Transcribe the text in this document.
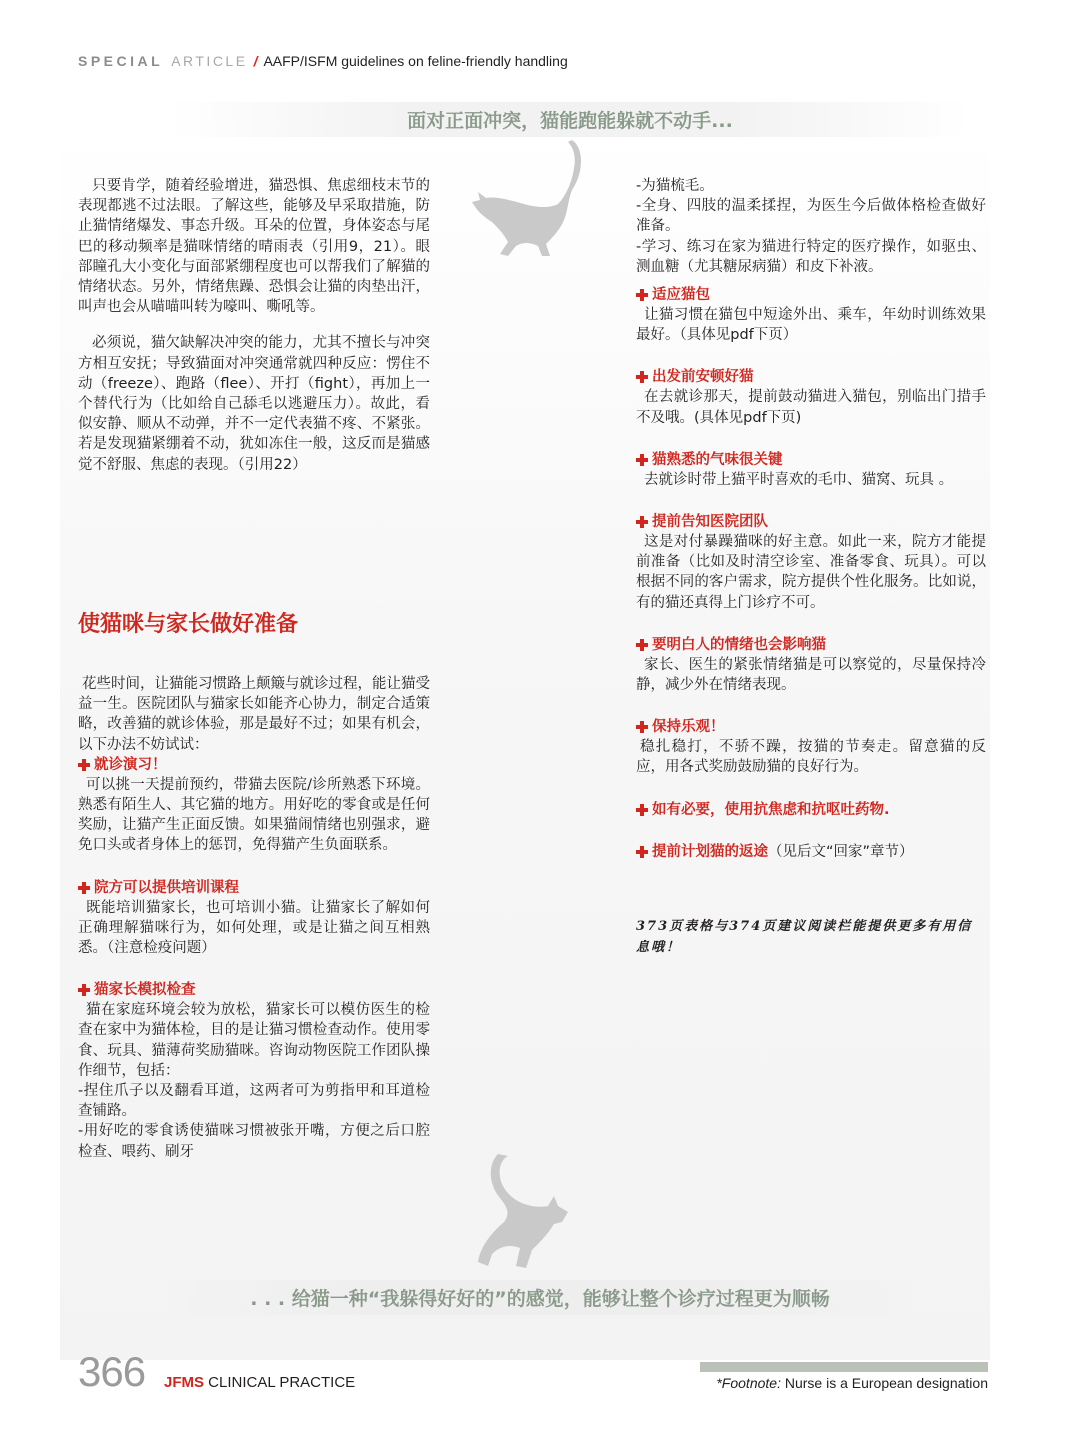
SPECIAL ARTICLE / AAFP/ISFM guidelines on feline-friendly handling
面对正面冲突，猫能跑能躲就不动手...

只要肯学，随着经验增进，猫恐惧、焦虑细枝末节的表现都逃不过法眼。了解这些，能够及早采取措施，防止猫情绪爆发、事态升级。耳朵的位置，身体姿态与尾巴的移动频率是猫咪情绪的晴雨表（引用9，21）。眼部瞳孔大小变化与面部紧绷程度也可以帮我们了解猫的情绪状态。另外，情绪焦躁、恐惧会让猫的肉垫出汗，叫声也会从喵喵叫转为嚎叫、嘶吼等。

必须说，猫欠缺解决冲突的能力，尤其不擅长与冲突方相互安抚；导致猫面对冲突通常就四种反应：愣住不动（freeze）、跑路（flee）、开打（fight），再加上一个替代行为（比如给自己舔毛以逃避压力）。故此，看似安静、顺从不动弹，并不一定代表猫不疼、不紧张。若是发现猫紧绷着不动，犹如冻住一般，这反而是猫感觉不舒服、焦虑的表现。（引用22）

使猫咪与家长做好准备

花些时间，让猫能习惯路上颠簸与就诊过程，能让猫受益一生。医院团队与猫家长如能齐心协力，制定合适策略，改善猫的就诊体验，那是最好不过；如果有机会，以下办法不妨试试：

就诊演习！

可以挑一天提前预约，带猫去医院/诊所熟悉下环境。熟悉有陌生人、其它猫的地方。用好吃的零食或是任何奖励，让猫产生正面反馈。如果猫闹情绪也别强求，避免口头或者身体上的惩罚，免得猫产生负面联系。

院方可以提供培训课程

既能培训猫家长，也可培训小猫。让猫家长了解如何正确理解猫咪行为，如何处理，或是让猫之间互相熟悉。（注意检疫问题）

猫家长模拟检查

猫在家庭环境会较为放松，猫家长可以模仿医生的检查在家中为猫体检，目的是让猫习惯检查动作。使用零食、玩具、猫薄荷奖励猫咪。咨询动物医院工作团队操作细节，包括：

-捏住爪子以及翻看耳道，这两者可为剪指甲和耳道检查铺路。

-用好吃的零食诱使猫咪习惯被张开嘴，方便之后口腔检查、喂药、刷牙

-为猫梳毛。

-全身、四肢的温柔揉捏，为医生今后做体格检查做好准备。

-学习、练习在家为猫进行特定的医疗操作，如驱虫、测血糖（尤其糖尿病猫）和皮下补液。

适应猫包

让猫习惯在猫包中短途外出、乘车，年幼时训练效果最好。（具体见pdf下页）

出发前安顿好猫

在去就诊那天，提前鼓动猫进入猫包，别临出门措手不及哦。(具体见pdf下页)

猫熟悉的气味很关键

去就诊时带上猫平时喜欢的毛巾、猫窝、玩具 。

提前告知医院团队

这是对付暴躁猫咪的好主意。如此一来，院方才能提前准备（比如及时清空诊室、准备零食、玩具）。可以根据不同的客户需求，院方提供个性化服务。比如说，有的猫还真得上门诊疗不可。

要明白人的情绪也会影响猫

家长、医生的紧张情绪猫是可以察觉的，尽量保持冷静，减少外在情绪表现。

保持乐观！

稳扎稳打，不骄不躁，按猫的节奏走。留意猫的反应，用各式奖励鼓励猫的良好行为。

如有必要，使用抗焦虑和抗呕吐药物.
提前计划猫的返途 （见后文“回家”章节）
373页表格与374页建议阅读栏能提供更多有用信息哦！
. . . 给猫一种“我躲得好好的”的感觉，能够让整个诊疗过程更为顺畅
366 JFMS CLINICAL PRACTICE	*Footnote: Nurse is a European designation
